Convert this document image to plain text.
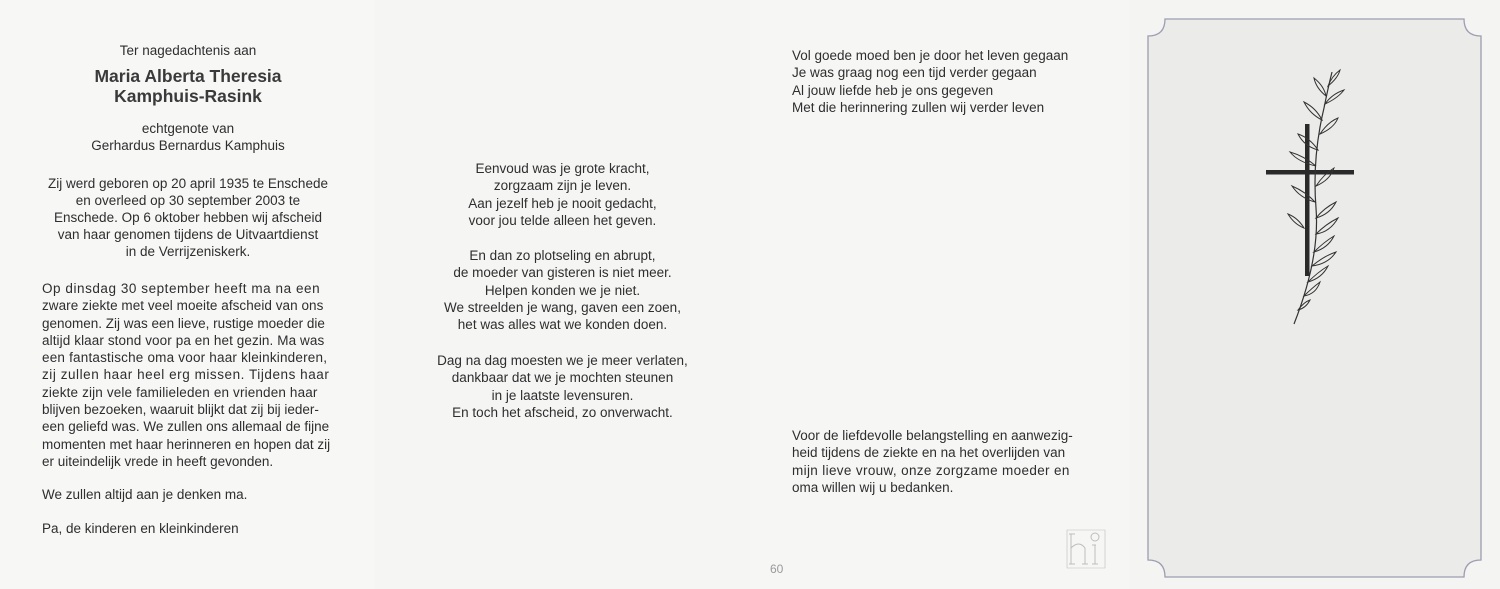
Ter nagedachtenis aan
Maria Alberta Theresia
Kamphuis-Rasink
echtgenote van
Gerhardus Bernardus Kamphuis
Zij werd geboren op 20 april 1935 te Enschede
en overleed op 30 september 2003 te
Enschede. Op 6 oktober hebben wij afscheid
van haar genomen tijdens de Uitvaartdienst
in de Verrijzeniskerk.
Op dinsdag 30 september heeft ma na een
zware ziekte met veel moeite afscheid van ons
genomen. Zij was een lieve, rustige moeder die
altijd klaar stond voor pa en het gezin. Ma was
een fantastische oma voor haar kleinkinderen,
zij zullen haar heel erg missen. Tijdens haar
ziekte zijn vele familieleden en vrienden haar
blijven bezoeken, waaruit blijkt dat zij bij ieder-
een geliefd was. We zullen ons allemaal de fijne
momenten met haar herinneren en hopen dat zij
er uiteindelijk vrede in heeft gevonden.
We zullen altijd aan je denken ma.
Pa, de kinderen en kleinkinderen
Eenvoud was je grote kracht,
zorgzaam zijn je leven.
Aan jezelf heb je nooit gedacht,
voor jou telde alleen het geven.
En dan zo plotseling en abrupt,
de moeder van gisteren is niet meer.
Helpen konden we je niet.
We streelden je wang, gaven een zoen,
het was alles wat we konden doen.
Dag na dag moesten we je meer verlaten,
dankbaar dat we je mochten steunen
in je laatste levensuren.
En toch het afscheid, zo onverwacht.
Vol goede moed ben je door het leven gegaan
Je was graag nog een tijd verder gegaan
Al jouw liefde heb je ons gegeven
Met die herinnering zullen wij verder leven
Voor de liefdevolle belangstelling en aanwezig-
heid tijdens de ziekte en na het overlijden van
mijn lieve vrouw, onze zorgzame moeder en
oma willen wij u bedanken.
60
